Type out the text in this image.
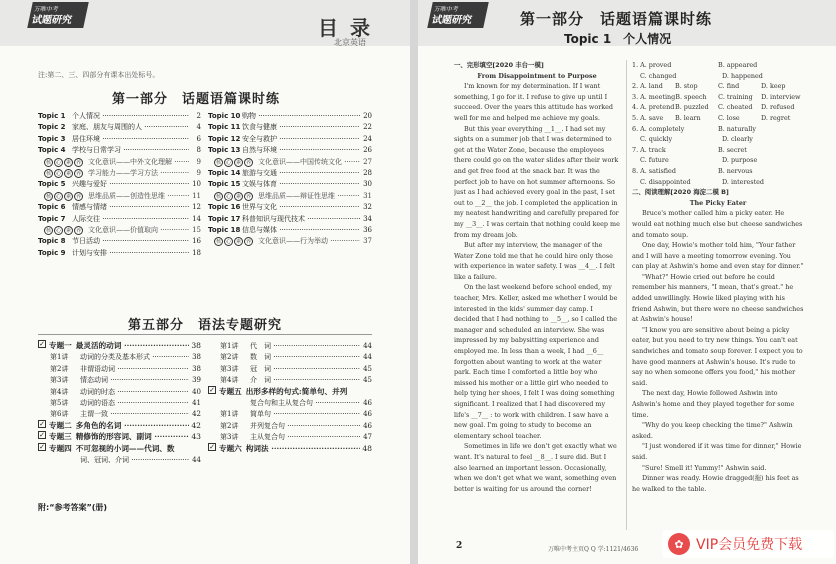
万唯中考
试题研究	目录
北京英语
注:第二、三、四部分有课本出处标号。
第一部分　话题语篇课时练
Topic 1 个人情况 ·····	2
Topic 2 家庭、朋友与周围的人 ·····	4
Topic 3 居住环境 ·····	6
Topic 4 学校与日常学习 ·····	8
核 心 素 养	文化意识——中外文化理解 ·····	9
核 心 素 养	学习能力——学习方法 ·····	9
Topic 5 兴趣与爱好 ·····	10
核 心 素 养	思维品质——创造性思维 ·····	11
Topic 6 情感与情绪 ·····	12
Topic 7 人际交往 ·····	14
核 心 素 养	文化意识——价值取向 ·····	15
Topic 8 节日活动 ·····	16
Topic 9 计划与安排 ·····	18
Topic 10 购物 ·····	20
Topic 11 饮食与健康 ·····	22
Topic 12 安全与救护 ·····	24
Topic 13 自然与环境 ·····	26
核 心 素 养	文化意识——中国传统文化 ·····	27
Topic 14 旅游与交通 ·····	28
Topic 15 文娱与体育 ·····	30
核 心 素 养	思维品质——辩证性思维 ·····	31
Topic 16 世界与文化 ·····	32
Topic 17 科普知识与现代技术 ·····	34
Topic 18 信息与媒体 ·····	36
核 心 素 养	文化意识——行为举动 ·····	37
第五部分　语法专题研究
✓ 专题一 最灵活的动词 ·····	38
第1讲	动词的分类及基本形式 ·····	38
第2讲	非谓语动词 ·····	38
第3讲	情态动词 ·····	39
第4讲	动词的时态 ·····	40
第5讲	动词的语态 ·····	41
第6讲	主谓一致 ·····	42
✓ 专题二 多角色的名词 ·····	42
✓ 专题三 精修饰的形容词、副词 ·····	43
✓ 专题四 不可忽视的小词——代词、数
词、冠词、介词 ·····	44
第1讲	代　词 ·····	44
第2讲	数　词 ·····	44
第3讲	冠　词 ·····	45
第4讲	介　词 ·····	45
✓ 专题五 出形多样的句式:简单句、并列
复合句和主从复合句 ·····	46
第1讲	简单句 ·····	46
第2讲	并列复合句 ·····	46
第3讲	主从复合句 ·····	47
✓ 专题六 构词法 ·····	48
附:“参考答案”(册)
万唯中考
试题研究	第一部分　话题语篇课时练
Topic 1　个人情况

一、完形填空[2020 丰台一模]

From Disappointment to Purpose

I'm known for my determination. If I want something, I go for it. I refuse to give up until I succeed. Over the years this attitude has worked well for me and helped me achieve my goals.

But this year everything __1__. I had set my sights on a summer job that I was determined to get at the Water Zone, because the employees there could go on the water slides after their work and get free food at the snack bar. It was the perfect job to have on hot summer afternoons. So just as I had achieved every goal in the past, I set out to __2__ the job. I completed the application in my neatest handwriting and carefully prepared for my __3__. I was certain that nothing could keep me from my dream job.

But after my interview, the manager of the Water Zone told me that he could hire only those with experience in water safety. I was __4__. I felt like a failure.

On the last weekend before school ended, my teacher, Mrs. Keller, asked me whether I would be interested in the kids' summer day camp. I decided that I had nothing to __5__, so I called the manager and scheduled an interview. She was impressed by my babysitting experience and employed me. In less than a week, I had __6__ forgotten about wanting to work at the water park. Each time I comforted a little boy who missed his mother or a little girl who needed to help tying her shoes, I felt I was doing something significant. I realized that I had discovered my life's __7__ : to work with children. I saw have a new goal. I'm going to study to become an elementary school teacher.

Sometimes in life we don't get exactly what we want. It's natural to feel __8__. I sure did. But I also learned an important lesson. Occasionally, when we don't get what we want, something even better is waiting for us around the corner!

1. A. proved	B. appeared
C. changed	D. happened
2. A. land	B. stop	C. find	D. keep
3. A. meeting B. speech	C. training	D. interview
4. A. pretend B. puzzled	C. cheated	D. refused
5. A. save	B. learn	C. lose	D. regret
6. A. completely	B. naturally
C. quickly	D. clearly
7. A. track	B. secret
C. future	D. purpose
8. A. satisfied	B. nervous
C. disappointed	D. interested

二、阅读理解[2020 海淀二模 B]

The Picky Eater

Bruce's mother called him a picky eater. He would eat nothing much else but cheese sandwiches and tomato soup.

One day, Howie's mother told him, "Your father and I will have a meeting tomorrow evening. You can play at Ashwin's home and even stay for dinner."

"What?" Howie cried out before he could remember his manners, "I mean, that's great." he added unwillingly. Howie liked playing with his friend Ashwin, but there were no cheese sandwiches at Ashwin's house!

"I know you are sensitive about being a picky eater, but you need to try new things. You can't eat sandwiches and tomato soup forever. I expect you to have good manners at Ashwin's house. It's rude to say no when someone offers you food," his mother said.

The next day, Howie followed Ashwin into Ashwin's home and they played together for some time.

"Why do you keep checking the time?" Ashwin asked.

"I just wondered if it was time for dinner," Howie said.

"Sure! Smell it! Yummy!" Ashwin said.

Dinner was ready. Howie dragged(拖) his feet as he walked to the table.

2	万唯中考主页Q Q 学:1121/4636	✿ VIP会员免费下载
